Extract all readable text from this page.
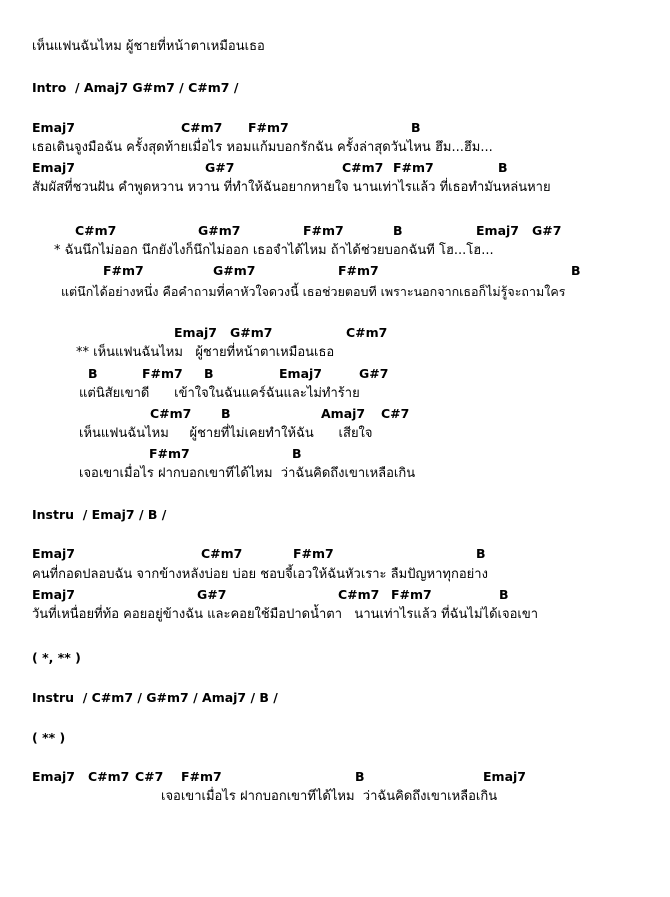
เห็นแฟนฉันไหม ผู้ชายที่หน้าตาเหมือนเธอ
Intro  / Amaj7 G#m7 / C#m7 /

Emaj7

	C#m7

F#m7

	B

เธอเดินจูงมือฉัน ครั้งสุดท้ายเมื่อไร หอมแก้มบอกรักฉัน ครั้งล่าสุดวันไหน ฮึม...ฮึม...

Emaj7

	G#7

	C#m7

F#m7

	B

สัมผัสที่ชวนฝัน คำพูดหวาน หวาน ที่ทำให้ฉันอยากหายใจ นานเท่าไรแล้ว ที่เธอทำมันหล่นหาย

C#m7

	G#m7

	F#m7

	B

	Emaj7

G#7

* ฉันนึกไม่ออก นึกยังไงก็นึกไม่ออก เธอจำได้ไหม ถ้าได้ช่วยบอกฉันที โฮ...โฮ...

F#m7

	G#m7

	F#m7

	B

แต่นึกได้อย่างหนึ่ง คือคำถามที่คาหัวใจดวงนี้ เธอช่วยตอบที เพราะนอกจากเธอก็ไม่รู้จะถามใคร

Emaj7

G#m7

	C#m7

** เห็นแฟนฉันไหม   ผู้ชายที่หน้าตาเหมือนเธอ

B

	F#m7

B

	Emaj7

	G#7

แต่นิสัยเขาดี      เข้าใจในฉันแคร์ฉันและไม่ทำร้าย

C#m7

B

	Amaj7

C#7

เห็นแฟนฉันไหม     ผู้ชายที่ไม่เคยทำให้ฉัน      เสียใจ

F#m7

	B

เจอเขาเมื่อไร ฝากบอกเขาทีได้ไหม  ว่าฉันคิดถึงเขาเหลือเกิน
Instru  / Emaj7 / B /

Emaj7

	C#m7

	F#m7

	B

คนที่กอดปลอบฉัน จากข้างหลังบ่อย บ่อย ชอบจี้เอวให้ฉันหัวเราะ ลืมปัญหาทุกอย่าง

Emaj7

	G#7

	C#m7

F#m7

	B

วันที่เหนื่อยที่ท้อ คอยอยู่ข้างฉัน และคอยใช้มือปาดน้ำตา   นานเท่าไรแล้ว ที่ฉันไม่ได้เจอเขา
( *, ** )
Instru  / C#m7 / G#m7 / Amaj7 / B /
( ** )

Emaj7

C#m7

C#7

F#m7

	B

	Emaj7

เจอเขาเมื่อไร ฝากบอกเขาทีได้ไหม  ว่าฉันคิดถึงเขาเหลือเกิน
